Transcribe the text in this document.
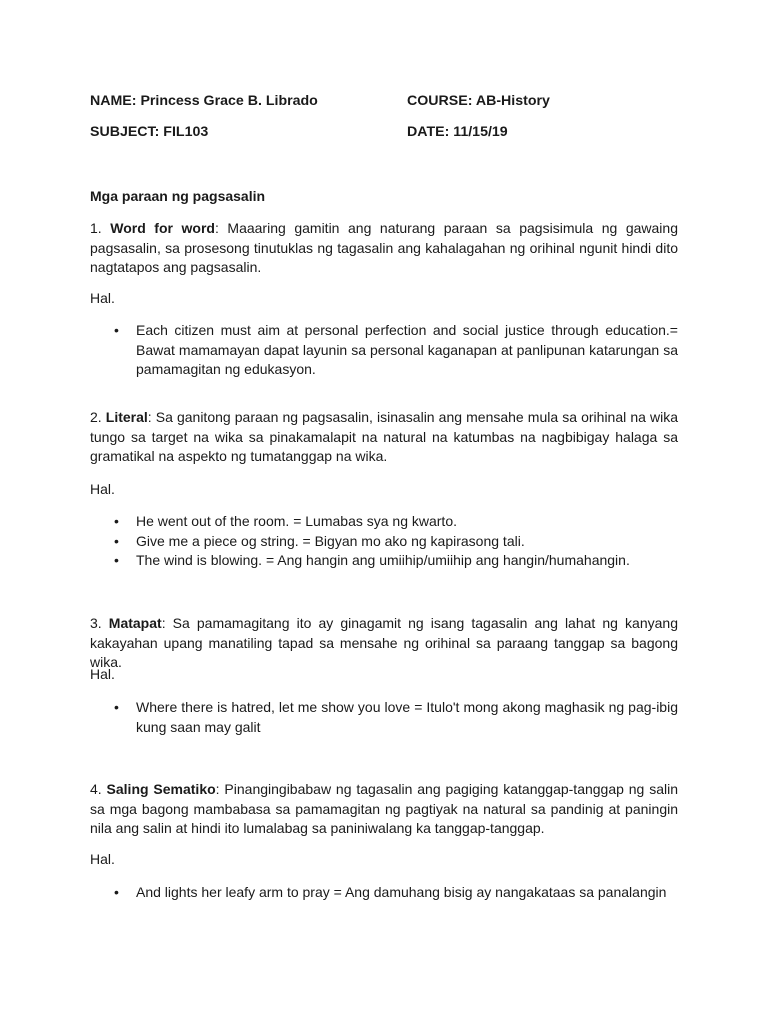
NAME: Princess Grace B. Librado	COURSE: AB-History
SUBJECT: FIL103	DATE: 11/15/19
Mga paraan ng pagsasalin
1. Word for word: Maaaring gamitin ang naturang paraan sa pagsisimula ng gawaing pagsasalin, sa prosesong tinutuklas ng tagasalin ang kahalagahan ng orihinal ngunit hindi dito nagtatapos ang pagsasalin.
Hal.
• Each citizen must aim at personal perfection and social justice through education.= Bawat mamamayan dapat layunin sa personal kaganapan at panlipunan katarungan sa pamamagitan ng edukasyon.
2. Literal: Sa ganitong paraan ng pagsasalin, isinasalin ang mensahe mula sa orihinal na wika tungo sa target na wika sa pinakamalapit na natural na katumbas na nagbibigay halaga sa gramatikal na aspekto ng tumatanggap na wika.
Hal.
• He went out of the room. = Lumabas sya ng kwarto.
• Give me a piece og string. = Bigyan mo ako ng kapirasong tali.
• The wind is blowing. = Ang hangin ang umiihip/umiihip ang hangin/humahangin.
3. Matapat: Sa pamamagitang ito ay ginagamit ng isang tagasalin ang lahat ng kanyang kakayahan upang manatiling tapad sa mensahe ng orihinal sa paraang tanggap sa bagong wika.
Hal.
• Where there is hatred, let me show you love = Itulo't mong akong maghasik ng pag-ibig kung saan may galit
4. Saling Sematiko: Pinangingibabaw ng tagasalin ang pagiging katanggap-tanggap ng salin sa mga bagong mambabasa sa pamamagitan ng pagtiyak na natural sa pandinig at paningin nila ang salin at hindi ito lumalabag sa paniniwalang ka tanggap-tanggap.
Hal.
• And lights her leafy arm to pray = Ang damuhang bisig ay nangakataas sa panalangin
